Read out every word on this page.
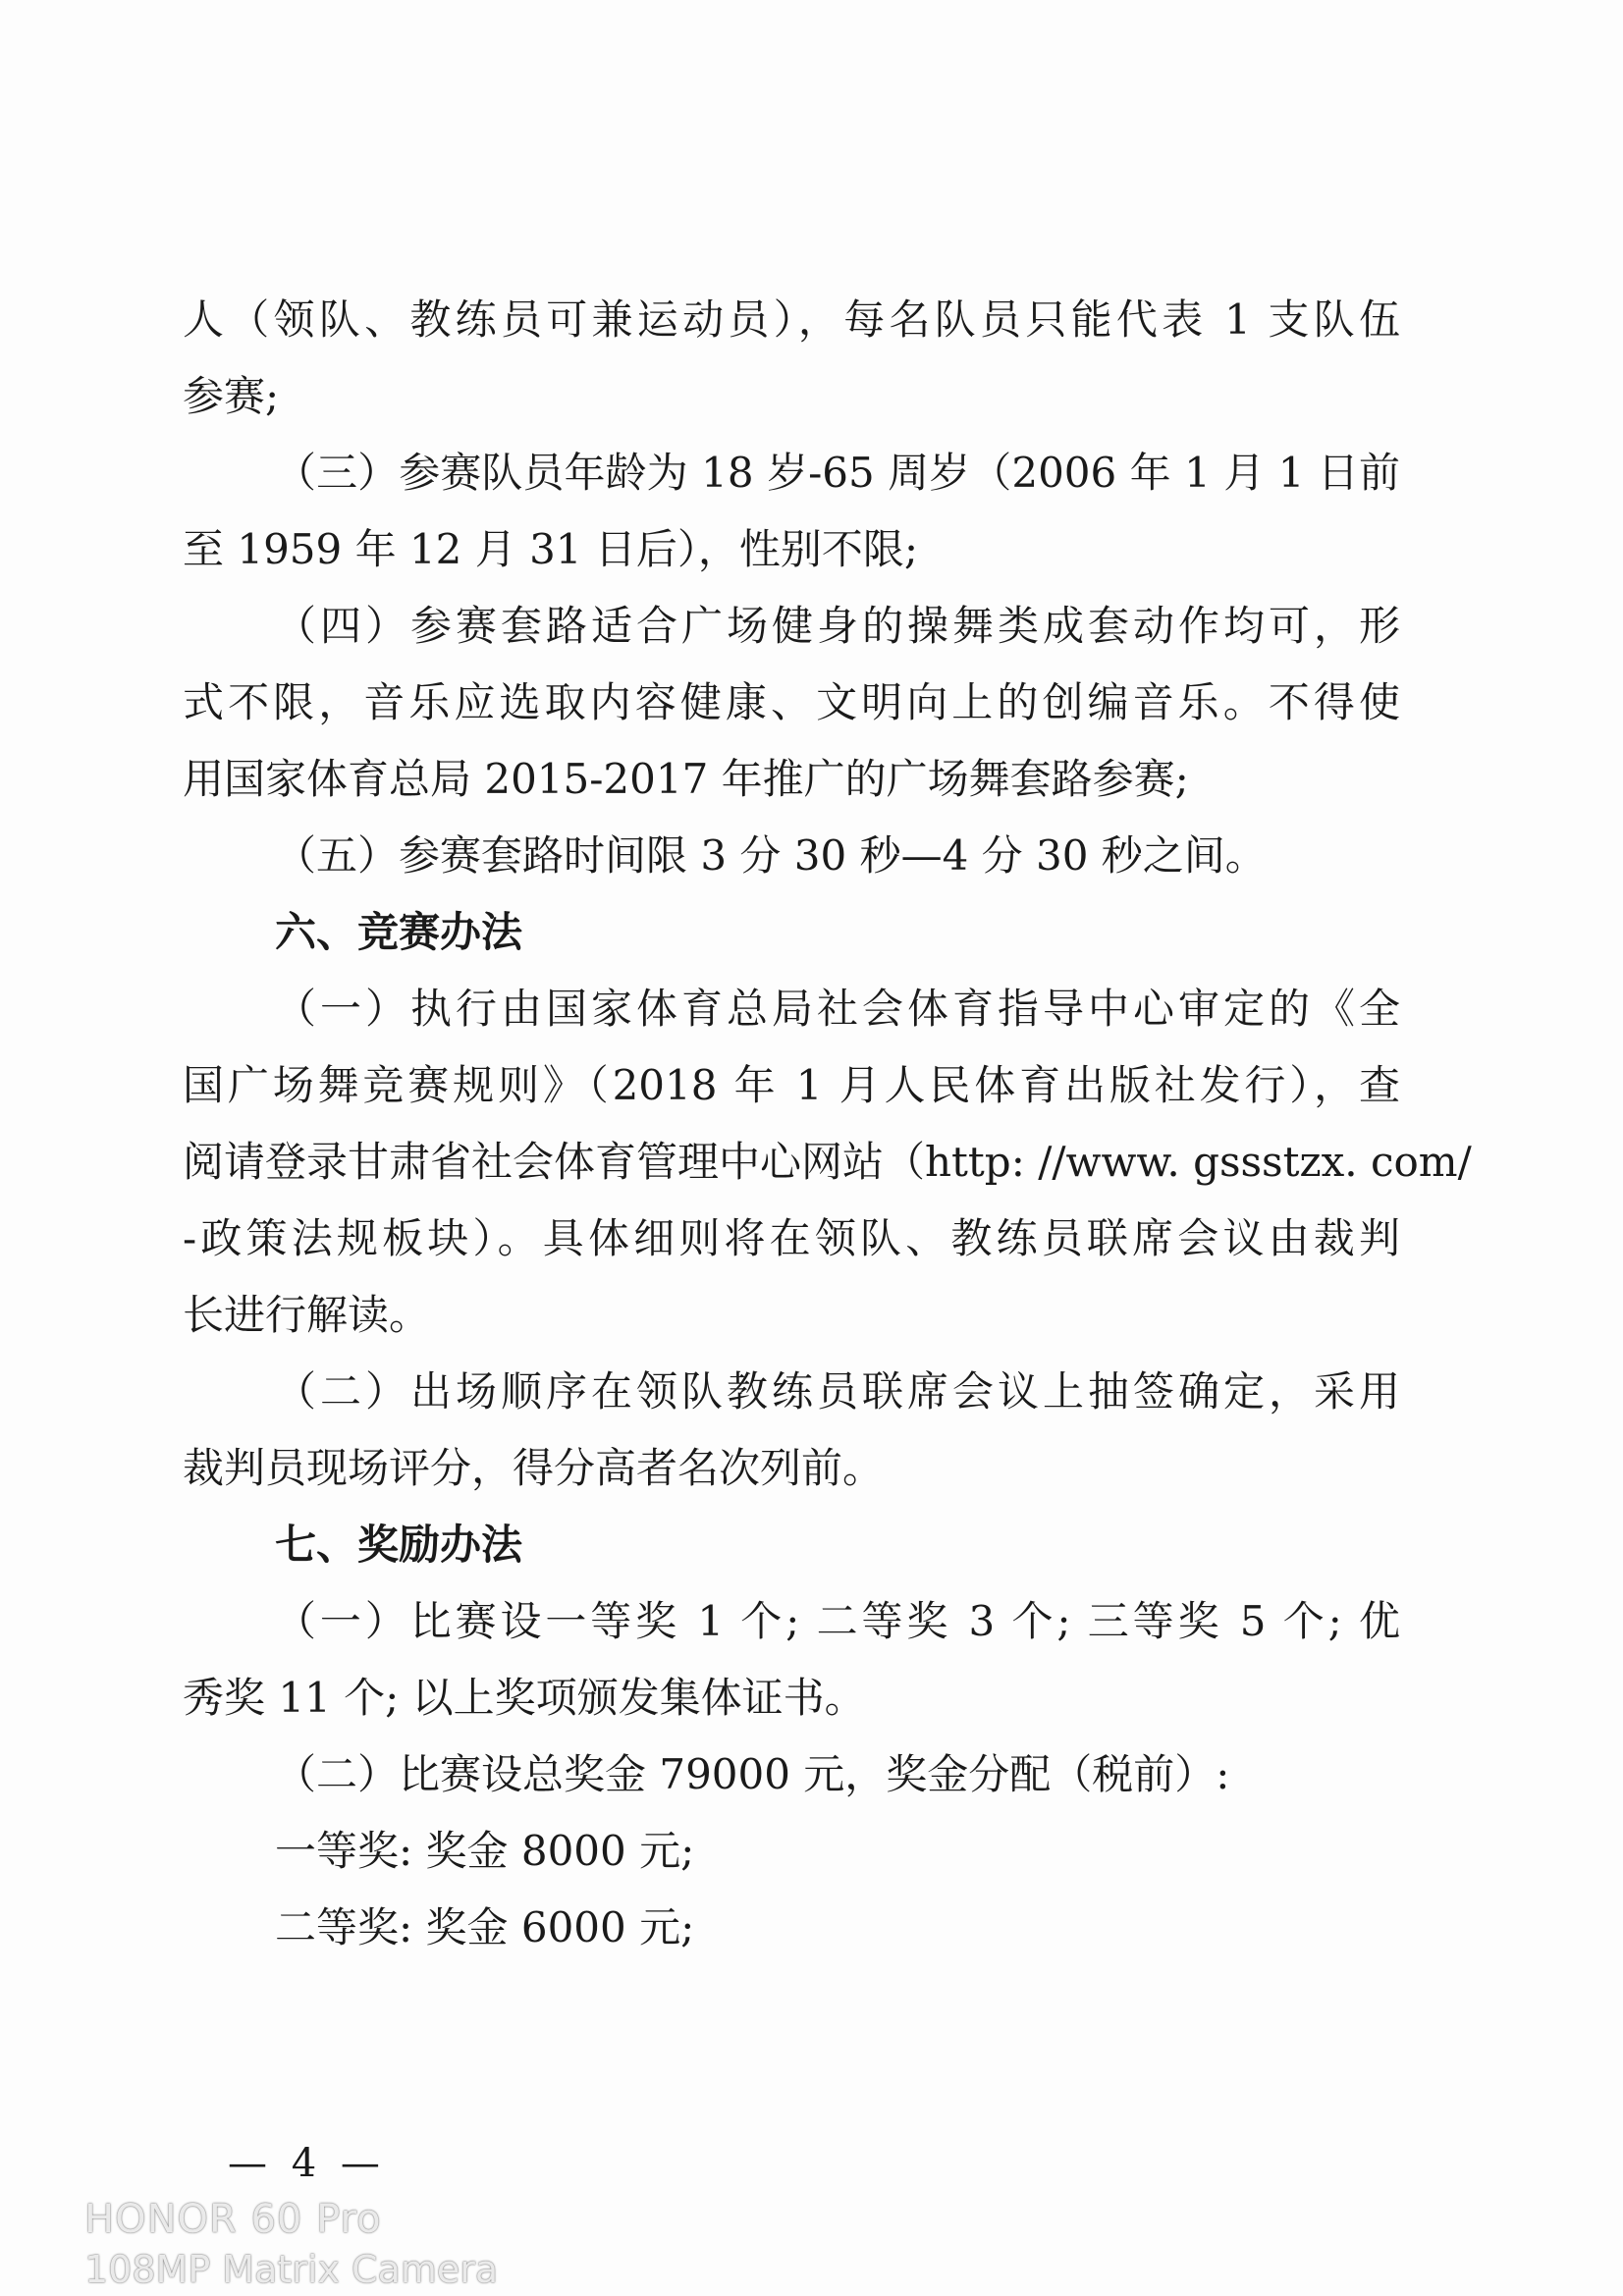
人（领队、教练员可兼运动员），每名队员只能代表 1 支队伍
参赛;
（三）参赛队员年龄为 18 岁-65 周岁（2006 年 1 月 1 日前
至 1959 年 12 月 31 日后），性别不限;
（四）参赛套路适合广场健身的操舞类成套动作均可，形
式不限，音乐应选取内容健康、文明向上的创编音乐。不得使
用国家体育总局 2015-2017 年推广的广场舞套路参赛;
（五）参赛套路时间限 3 分 30 秒—4 分 30 秒之间。
六、竞赛办法
（一）执行由国家体育总局社会体育指导中心审定的《全
国广场舞竞赛规则》（2018 年 1 月人民体育出版社发行），查
阅请登录甘肃省社会体育管理中心网站（http: //www. gssstzx. com/
-政策法规板块）。具体细则将在领队、教练员联席会议由裁判
长进行解读。
（二）出场顺序在领队教练员联席会议上抽签确定，采用
裁判员现场评分，得分高者名次列前。
七、奖励办法
（一）比赛设一等奖 1 个; 二等奖 3 个; 三等奖 5 个; 优
秀奖 11 个; 以上奖项颁发集体证书。
（二）比赛设总奖金 79000 元，奖金分配（税前）:
一等奖: 奖金 8000 元;
二等奖: 奖金 6000 元;
— 4 —
HONOR 60 Pro
108MP Matrix Camera
